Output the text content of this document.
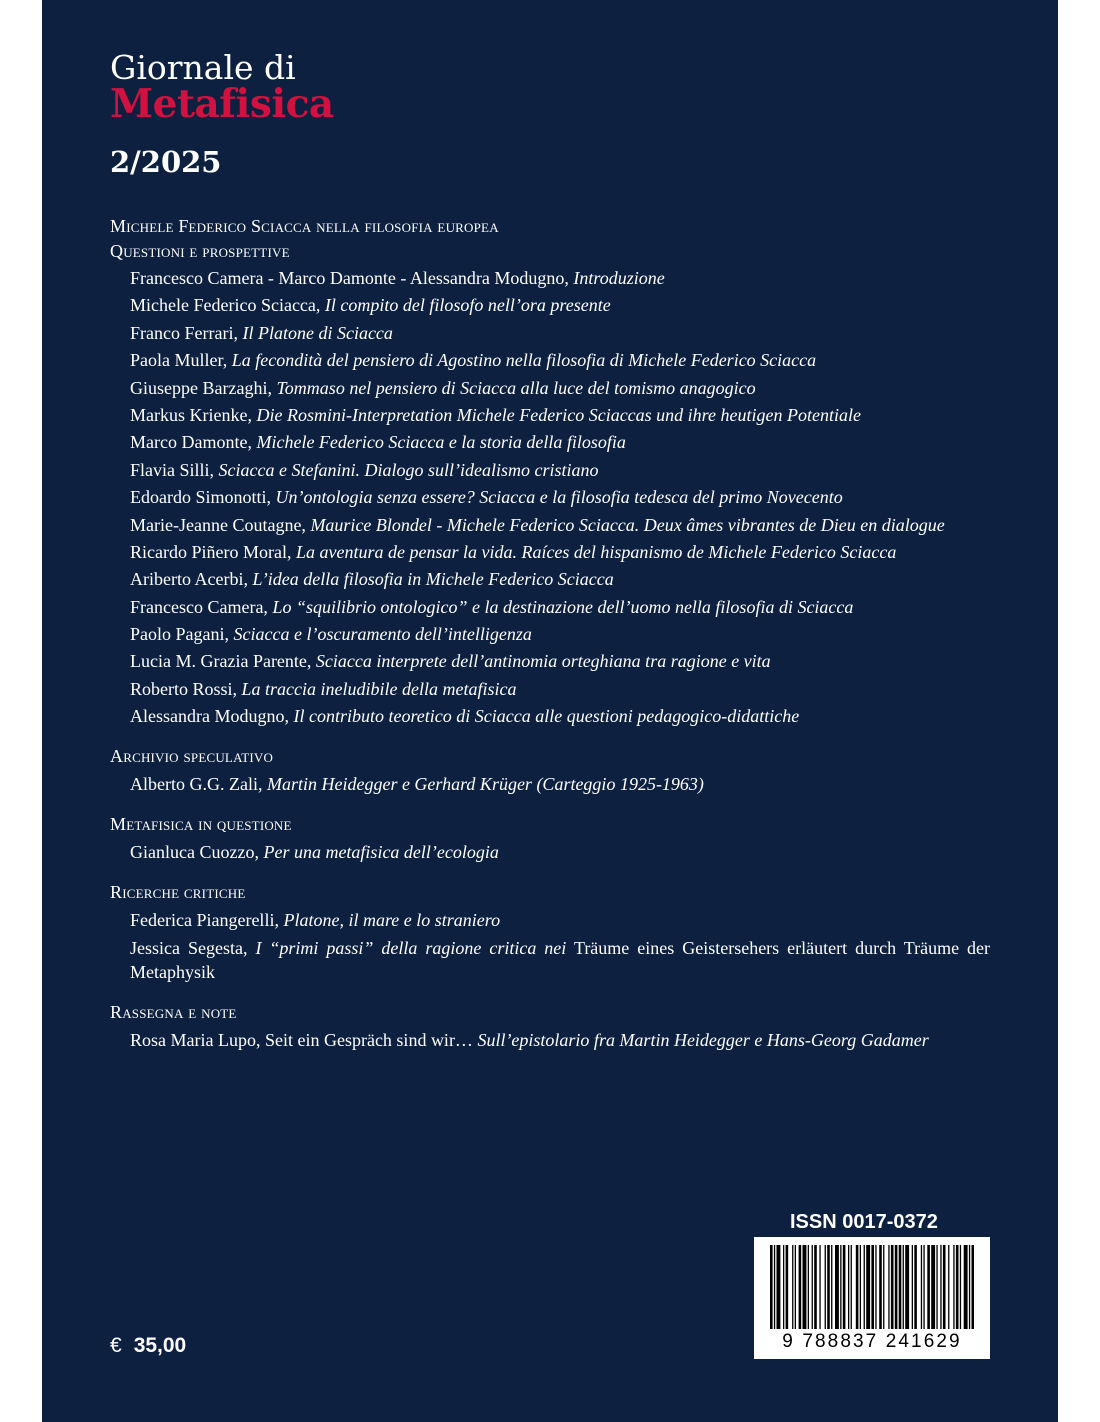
Giornale di
Metafisica
2/2025
Michele Federico Sciacca nella filosofia europea
Questioni e prospettive
Francesco Camera - Marco Damonte - Alessandra Modugno, Introduzione
Michele Federico Sciacca, Il compito del filosofo nell’ora presente
Franco Ferrari, Il Platone di Sciacca
Paola Muller, La fecondità del pensiero di Agostino nella filosofia di Michele Federico Sciacca
Giuseppe Barzaghi, Tommaso nel pensiero di Sciacca alla luce del tomismo anagogico
Markus Krienke, Die Rosmini-Interpretation Michele Federico Sciaccas und ihre heutigen Potentiale
Marco Damonte, Michele Federico Sciacca e la storia della filosofia
Flavia Silli, Sciacca e Stefanini. Dialogo sull’idealismo cristiano
Edoardo Simonotti, Un’ontologia senza essere? Sciacca e la filosofia tedesca del primo Novecento
Marie-Jeanne Coutagne, Maurice Blondel - Michele Federico Sciacca. Deux âmes vibrantes de Dieu en dialogue
Ricardo Piñero Moral, La aventura de pensar la vida. Raíces del hispanismo de Michele Federico Sciacca
Ariberto Acerbi, L’idea della filosofia in Michele Federico Sciacca
Francesco Camera, Lo “squilibrio ontologico” e la destinazione dell’uomo nella filosofia di Sciacca
Paolo Pagani, Sciacca e l’oscuramento dell’intelligenza
Lucia M. Grazia Parente, Sciacca interprete dell’antinomia orteghiana tra ragione e vita
Roberto Rossi, La traccia ineludibile della metafisica
Alessandra Modugno, Il contributo teoretico di Sciacca alle questioni pedagogico-didattiche
Archivio speculativo
Alberto G.G. Zali, Martin Heidegger e Gerhard Krüger (Carteggio 1925-1963)
Metafisica in questione
Gianluca Cuozzo, Per una metafisica dell’ecologia
Ricerche critiche
Federica Piangerelli, Platone, il mare e lo straniero
Jessica Segesta, I “primi passi” della ragione critica nei Träume eines Geistersehers erläutert durch Träume der Metaphysik
Rassegna e note
Rosa Maria Lupo, Seit ein Gespräch sind wir… Sull’epistolario fra Martin Heidegger e Hans-Georg Gadamer
ISSN 0017-0372
9 788837 241629
€ 35,00
